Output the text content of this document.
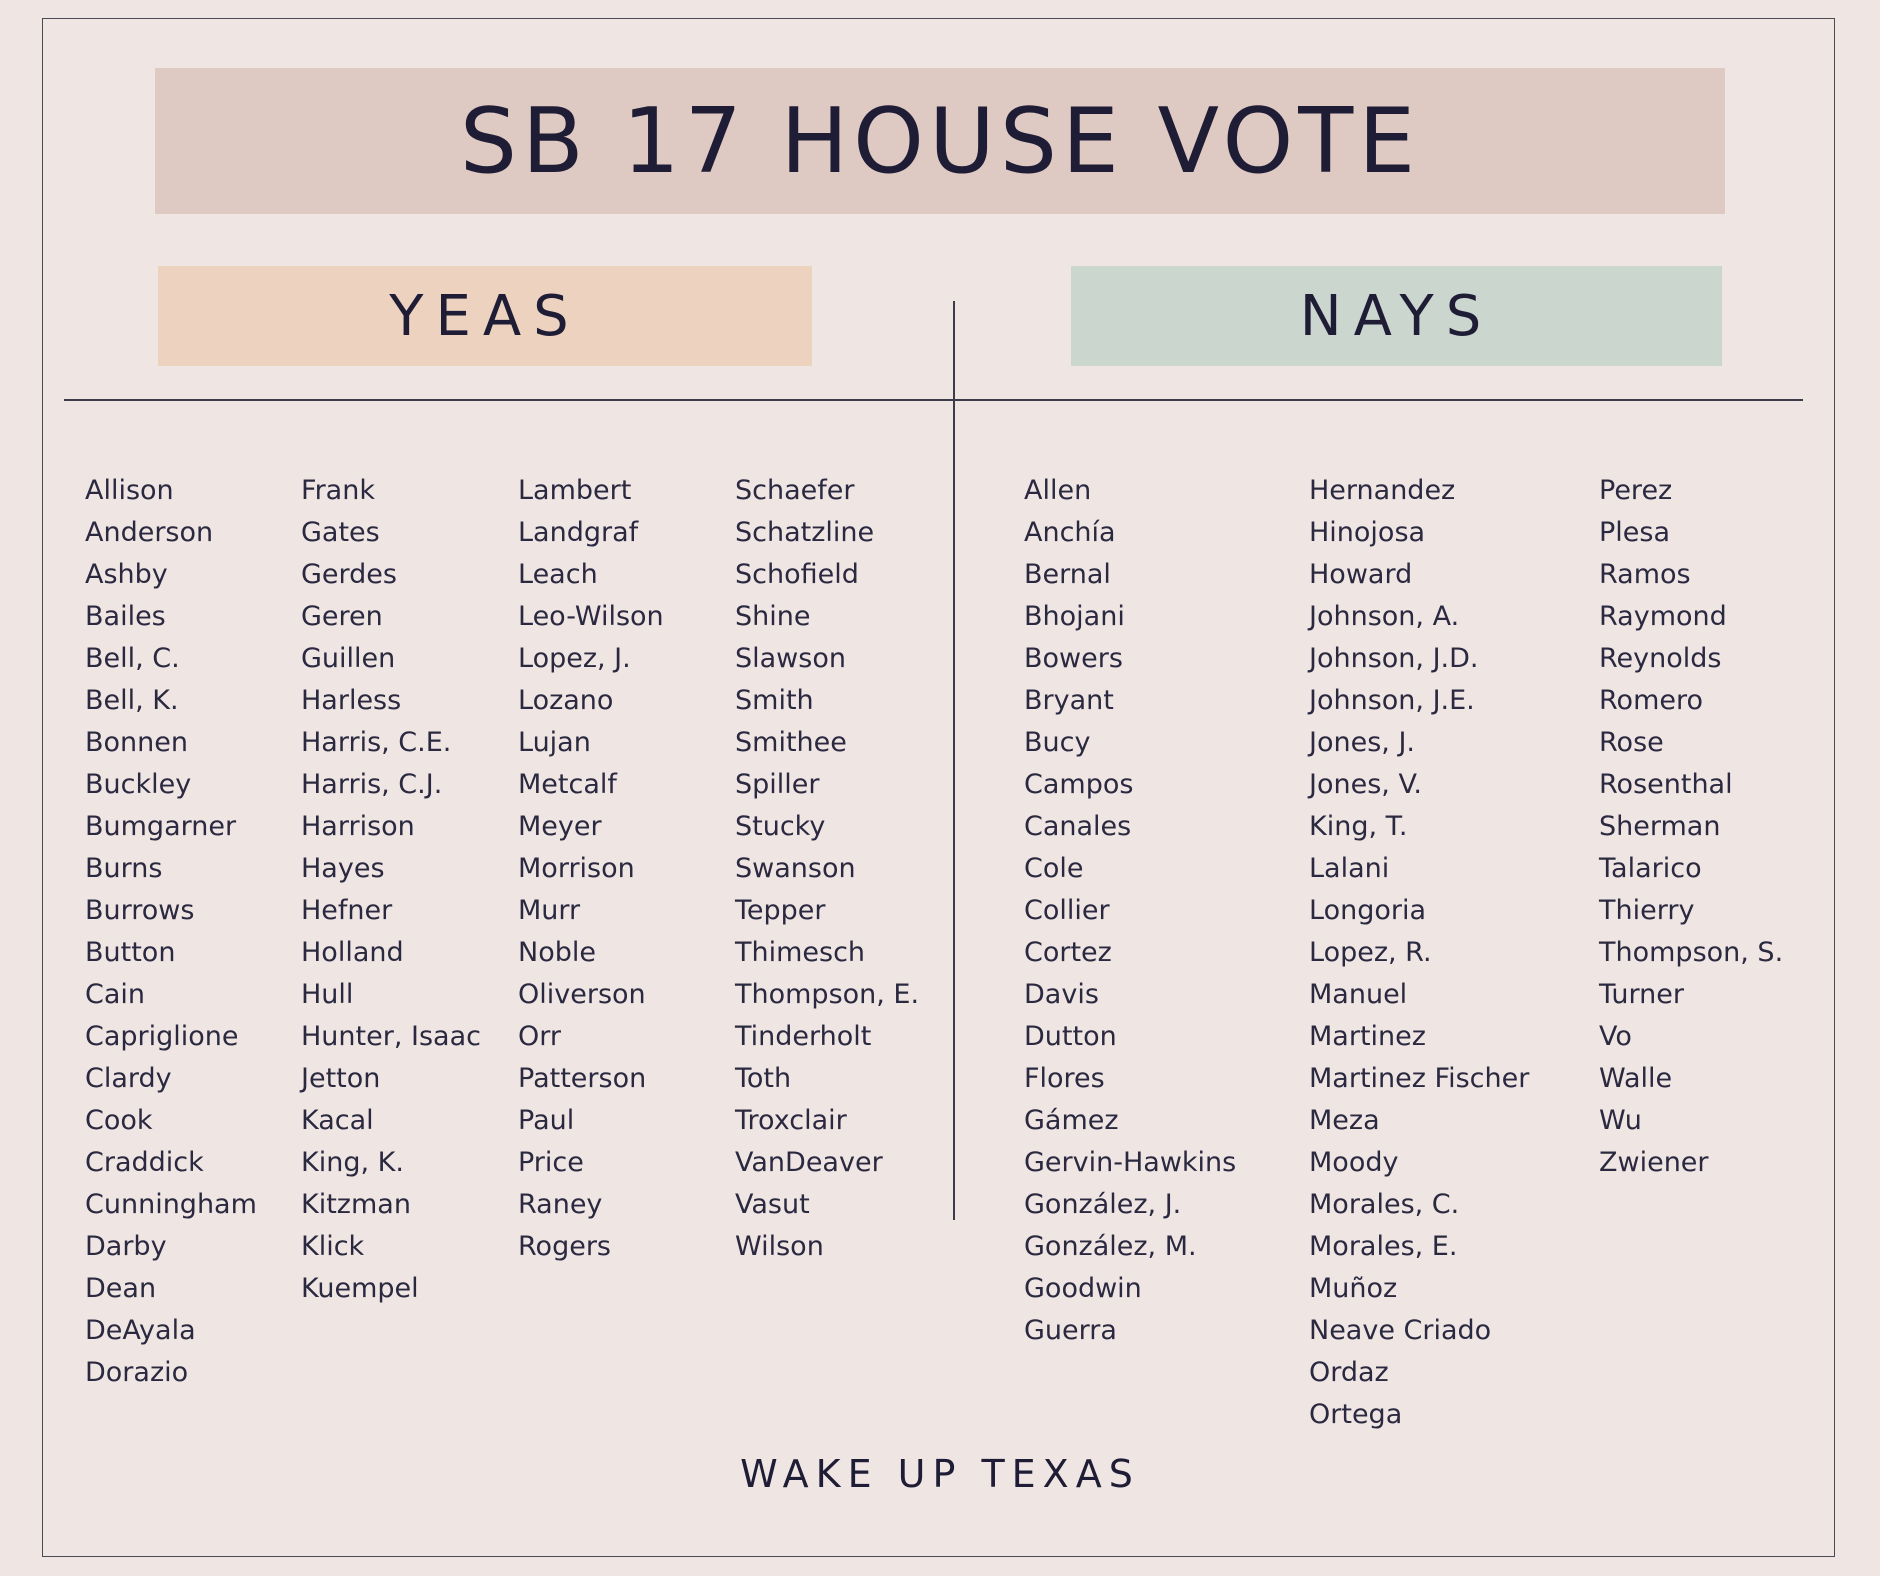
SB 17 HOUSE VOTE
YEAS	NAYS
Allison
Anderson
Ashby
Bailes
Bell, C.
Bell, K.
Bonnen
Buckley
Bumgarner
Burns
Burrows
Button
Cain
Capriglione
Clardy
Cook
Craddick
Cunningham
Darby
Dean
DeAyala
Dorazio
Frank
Gates
Gerdes
Geren
Guillen
Harless
Harris, C.E.
Harris, C.J.
Harrison
Hayes
Hefner
Holland
Hull
Hunter, Isaac
Jetton
Kacal
King, K.
Kitzman
Klick
Kuempel
Lambert
Landgraf
Leach
Leo-Wilson
Lopez, J.
Lozano
Lujan
Metcalf
Meyer
Morrison
Murr
Noble
Oliverson
Orr
Patterson
Paul
Price
Raney
Rogers
Schaefer
Schatzline
Schofield
Shine
Slawson
Smith
Smithee
Spiller
Stucky
Swanson
Tepper
Thimesch
Thompson, E.
Tinderholt
Toth
Troxclair
VanDeaver
Vasut
Wilson
Allen
Anchía
Bernal
Bhojani
Bowers
Bryant
Bucy
Campos
Canales
Cole
Collier
Cortez
Davis
Dutton
Flores
Gámez
Gervin-Hawkins
González, J.
González, M.
Goodwin
Guerra
Hernandez
Hinojosa
Howard
Johnson, A.
Johnson, J.D.
Johnson, J.E.
Jones, J.
Jones, V.
King, T.
Lalani
Longoria
Lopez, R.
Manuel
Martinez
Martinez Fischer
Meza
Moody
Morales, C.
Morales, E.
Muñoz
Neave Criado
Ordaz
Ortega
Perez
Plesa
Ramos
Raymond
Reynolds
Romero
Rose
Rosenthal
Sherman
Talarico
Thierry
Thompson, S.
Turner
Vo
Walle
Wu
Zwiener
WAKE UP TEXAS
